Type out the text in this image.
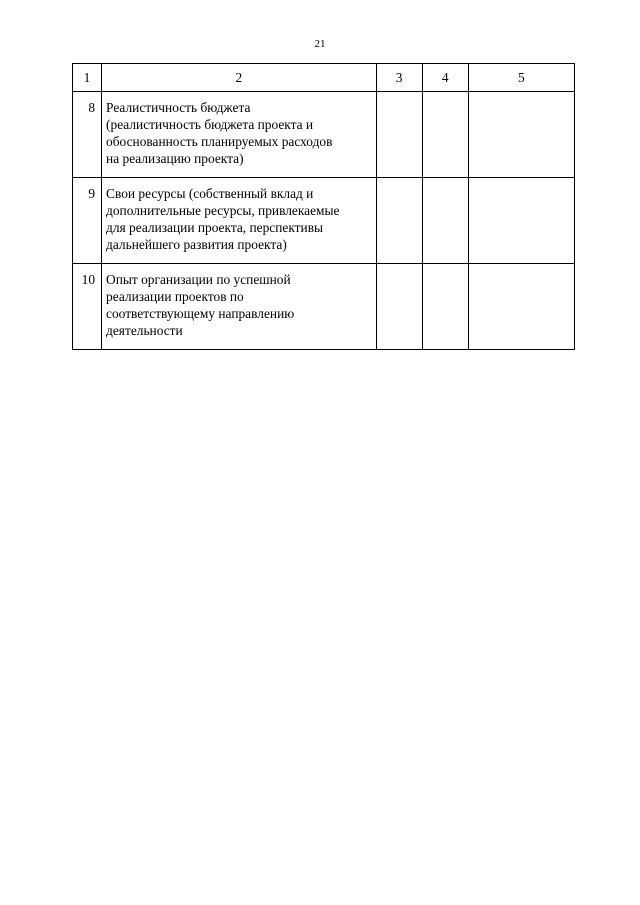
21
1	2	3	4	5
8	Реалистичность бюджета
(реалистичность бюджета проекта и
обоснованность планируемых расходов
на реализацию проекта)			

9	Свои ресурсы (собственный вклад и
дополнительные ресурсы, привлекаемые
для реализации проекта, перспективы
дальнейшего развития проекта)			

10	Опыт организации по успешной
реализации проектов по
соответствующему направлению
деятельности			
